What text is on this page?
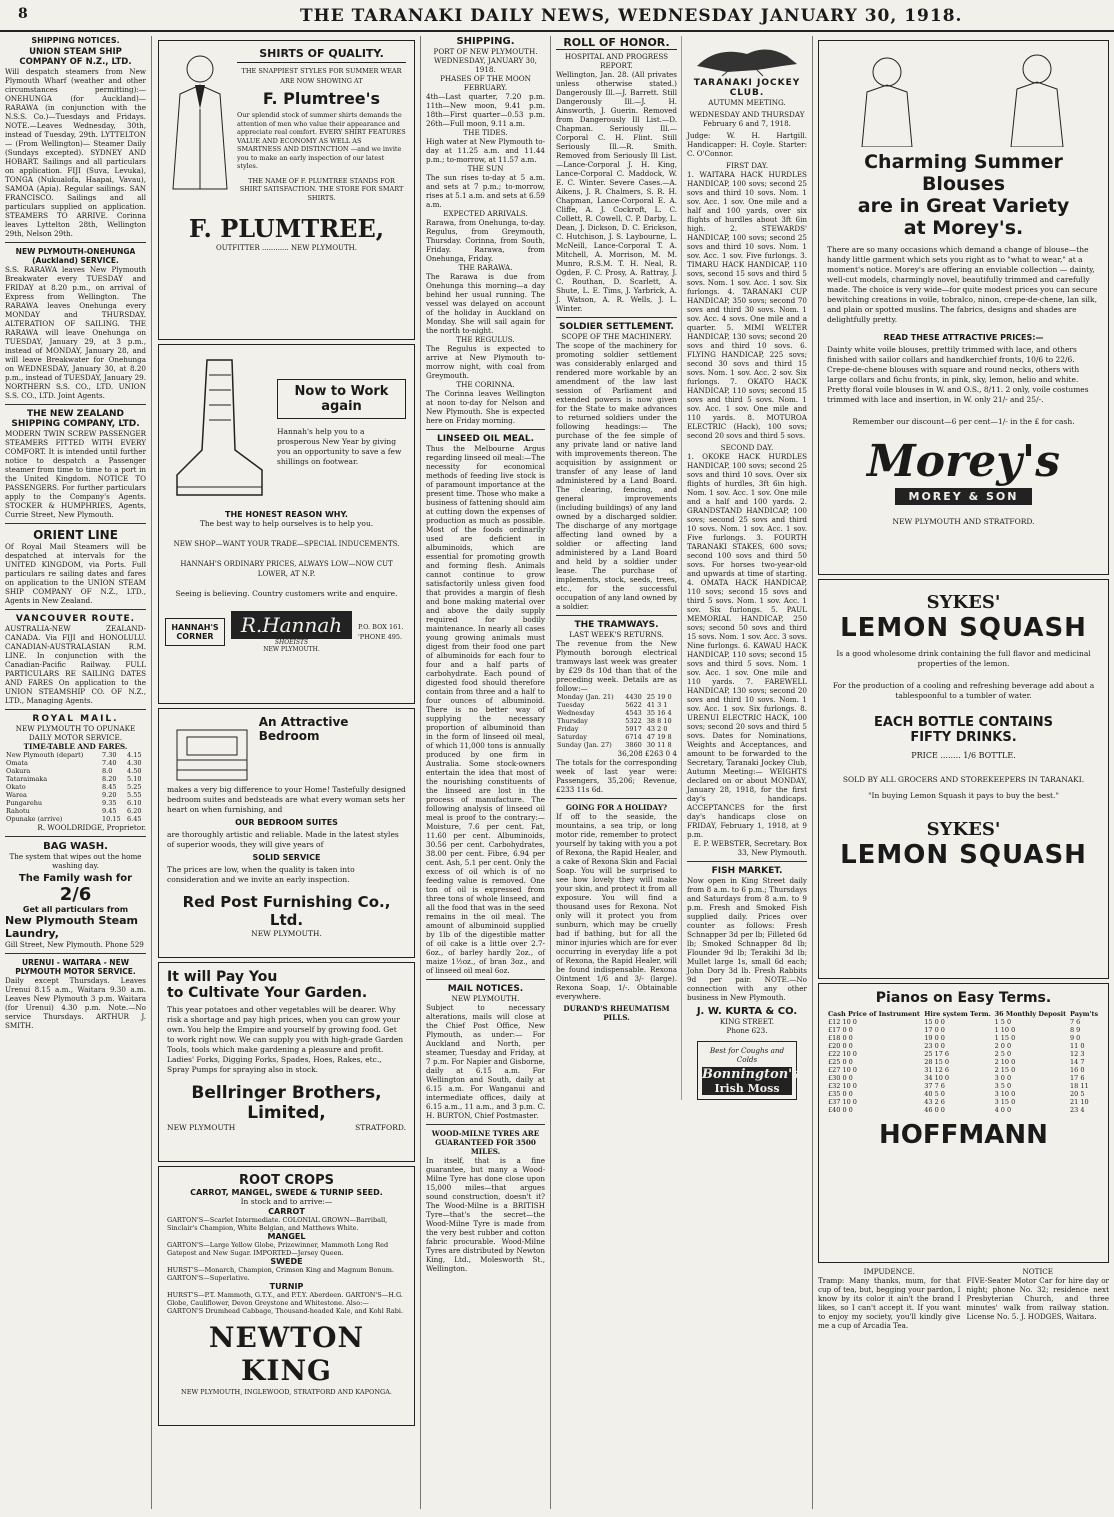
8	THE TARANAKI DAILY NEWS, WEDNESDAY JANUARY 30, 1918.
SHIPPING NOTICES.
UNION STEAM SHIP COMPANY OF N.Z., LTD.
Will despatch steamers from New Plymouth Wharf (weather and other circumstances permitting):— ONEHUNGA (for Auckland)— RARAWA (in conjunction with the N.S.S. Co.)—Tuesdays and Fridays. NOTE.—Leaves Wednesday, 30th, instead of Tuesday, 29th. LYTTELTON— (From Wellington)— Steamer Daily (Sundays excepted). SYDNEY AND HOBART. Sailings and all particulars on application. FIJI (Suva, Levuka), TONGA (Nukualofa, Haapai, Vavau), SAMOA (Apia). Regular sailings. SAN FRANCISCO. Sailings and all particulars supplied on application. STEAMERS TO ARRIVE. Corinna leaves Lyttelton 28th, Wellington 29th, Nelson 29th.
NEW PLYMOUTH-ONEHUNGA (Auckland) SERVICE.
S.S. RARAWA leaves New Plymouth Breakwater every TUESDAY and FRIDAY at 8.20 p.m., on arrival of Express from Wellington. The RARAWA leaves Onehunga every MONDAY and THURSDAY. ALTERATION OF SAILING. THE RARAWA will leave Onehunga on TUESDAY, January 29, at 3 p.m., instead of MONDAY, January 28, and will leave Breakwater for Onehunga on WEDNESDAY, January 30, at 8.20 p.m., instead of TUESDAY, January 29. NORTHERN S.S. CO., LTD. UNION S.S. CO., LTD. Joint Agents.
THE NEW ZEALAND SHIPPING COMPANY, LTD.
MODERN TWIN SCREW PASSENGER STEAMERS FITTED WITH EVERY COMFORT. It is intended until further notice to despatch a Passenger steamer from time to time to a port in the United Kingdom. NOTICE TO PASSENGERS. For further particulars apply to the Company's Agents. STOCKER & HUMPHRIES, Agents, Currie Street, New Plymouth.
ORIENT LINE
Of Royal Mail Steamers will be despatched at intervals for the UNITED KINGDOM, via Ports. Full particulars re sailing dates and fares on application to the UNION STEAM SHIP COMPANY OF N.Z., LTD., Agents in New Zealand.
VANCOUVER ROUTE.
AUSTRALIA-NEW ZEALAND-CANADA. Via FIJI and HONOLULU. CANADIAN-AUSTRALASIAN R.M. LINE. In conjunction with the Canadian-Pacific Railway. FULL PARTICULARS RE SAILING DATES AND FARES On application to the UNION STEAMSHIP CO. OF N.Z., LTD., Managing Agents.
ROYAL MAIL.
NEW PLYMOUTH TO OPUNAKE DAILY MOTOR SERVICE.
TIME-TABLE AND FARES.
New Plymouth (depart)	7.30	4.15
Omata	7.40	4.30
Oakura	8.0	4.50
Tataraimaka	8.20	5.10
Okato	8.45	5.25
Warea	9.20	5.55
Pungarehu	9.35	6.10
Rahotu	9.45	6.20
Opunake (arrive)	10.15	6.45
R. WOOLDRIDGE, Proprietor.
BAG WASH.
The system that wipes out the home washing day.
The Family wash for
2/6
Get all particulars from
New Plymouth Steam Laundry,
Gill Street, New Plymouth. Phone 529
URENUI - WAITARA - NEW PLYMOUTH MOTOR SERVICE.
Daily except Thursdays. Leaves Urenui 8.15 a.m., Waitara 9.30 a.m. Leaves New Plymouth 3 p.m. Waitara (for Urenui) 4.30 p.m. Note.—No service Thursdays. ARTHUR J. SMITH.
SHIRTS OF QUALITY.
THE SNAPPIEST STYLES FOR SUMMER WEAR ARE NOW SHOWING AT
F. Plumtree's
Our splendid stock of summer shirts demands the attention of men who value their appearance and appreciate real comfort. EVERY SHIRT FEATURES VALUE AND ECONOMY AS WELL AS SMARTNESS AND DISTINCTION —and we invite you to make an early inspection of our latest styles.
THE NAME OF F. PLUMTREE STANDS FOR SHIRT SATISFACTION. THE STORE FOR SMART SHIRTS.
F. PLUMTREE,
OUTFITTER ............ NEW PLYMOUTH.
Now to Work again
Hannah's help you to a prosperous New Year by giving you an opportunity to save a few shillings on footwear.
THE HONEST REASON WHY.
The best way to help ourselves is to help you.
NEW SHOP—WANT YOUR TRADE—SPECIAL INDUCEMENTS.
HANNAH'S ORDINARY PRICES, ALWAYS LOW—NOW CUT LOWER, AT N.P.
Seeing is believing. Country customers write and enquire.
HANNAH'S CORNER	R.Hannah
SHOEISTS
NEW PLYMOUTH.
P.O. BOX 161. 'PHONE 495.
An Attractive Bedroom
makes a very big difference to your Home! Tastefully designed bedroom suites and bedsteads are what every woman sets her heart on when furnishing, and
OUR BEDROOM SUITES
are thoroughly artistic and reliable. Made in the latest styles of superior woods, they will give years of
SOLID SERVICE
The prices are low, when the quality is taken into consideration and we invite an early inspection.
Red Post Furnishing Co., Ltd.
NEW PLYMOUTH.
It will Pay You
to Cultivate Your Garden.
This year potatoes and other vegetables will be dearer. Why risk a shortage and pay high prices, when you can grow your own. You help the Empire and yourself by growing food. Get to work right now. We can supply you with high-grade Garden Tools, tools which make gardening a pleasure and profit. Ladies' Forks, Digging Forks, Spades, Hoes, Rakes, etc., Spray Pumps for spraying also in stock.
Bellringer Brothers, Limited,
NEW PLYMOUTH	STRATFORD.
ROOT CROPS
CARROT, MANGEL, SWEDE & TURNIP SEED.
In stock and to arrive:—
CARROT
GARTON'S—Scarlet Intermediate. COLONIAL GROWN—Barriball, Sinclair's Champion, White Belgian, and Matthews White.
MANGEL
GARTON'S—Large Yellow Globe, Prizewinner, Mammoth Long Red Gatepost and New Sugar. IMPORTED—Jersey Queen.
SWEDE
HURST'S—Monarch, Champion, Crimson King and Magnum Bonum. GARTON'S—Superlative.
TURNIP
HURST'S—P.T. Mammoth, G.T.Y., and P.T.Y. Aberdeen. GARTON'S—H.G. Globe, Cauliflower, Devon Greystone and Whitestone. Also:— GARTON'S Drumhead Cabbage, Thousand-headed Kale, and Kohl Rabi.
NEWTON KING
NEW PLYMOUTH, INGLEWOOD, STRATFORD AND KAPONGA.
SHIPPING.
PORT OF NEW PLYMOUTH.
WEDNESDAY, JANUARY 30, 1918.
PHASES OF THE MOON
FEBRUARY.
4th—Last quarter, 7.20 p.m. 11th—New moon, 9.41 p.m. 18th—First quarter—0.53 p.m. 26th—Full moon, 9.11 a.m.
THE TIDES.
High water at New Plymouth to-day at 11.25 a.m. and 11.44 p.m.; to-morrow, at 11.57 a.m.
THE SUN
The sun rises to-day at 5 a.m. and sets at 7 p.m.; to-morrow, rises at 5.1 a.m. and sets at 6.59 a.m.
EXPECTED ARRIVALS.
Rarawa, from Onehunga, to-day. Regulus, from Greymouth, Thursday. Corinna, from South, Friday. Rarawa, from Onehunga, Friday.
THE RARAWA.
The Rarawa is due from Onehunga this morning—a day behind her usual running. The vessel was delayed on account of the holiday in Auckland on Monday. She will sail again for the north to-night.
THE REGULUS.
The Regulus is expected to arrive at New Plymouth to-morrow night, with coal from Greymouth.
THE CORINNA.
The Corinna leaves Wellington at noon to-day for Nelson and New Plymouth. She is expected here on Friday morning.
LINSEED OIL MEAL.
Thus the Melbourne Argus regarding linseed oil meal:—The necessity for economical methods of feeding live stock is of paramount importance at the present time. Those who make a business of fattening should aim at cutting down the expenses of production as much as possible. Most of the foods ordinarily used are deficient in albuminoids, which are essential for promoting growth and forming flesh. Animals cannot continue to grow satisfactorily unless given food that provides a margin of flesh and bone making material over and above the daily supply required for bodily maintenance. In nearly all cases young growing animals must digest from their food one part of albuminoids for each four to four and a half parts of carbohydrate. Each pound of digested food should therefore contain from three and a half to four ounces of albuminoid. There is no better way of supplying the necessary proportion of albuminoid than in the form of linseed oil meal, of which 11,000 tons is annually produced by one firm in Australia. Some stock-owners entertain the idea that most of the nourishing constituents of the linseed are lost in the process of manufacture. The following analysis of linseed oil meal is proof to the contrary:— Moisture, 7.6 per cent. Fat, 11.60 per cent. Albuminoids, 30.56 per cent. Carbohydrates, 38.00 per cent. Fibre, 6.94 per cent. Ash, 5.1 per cent. Only the excess of oil which is of no feeding value is removed. One ton of oil is expressed from three tons of whole linseed, and all the food that was in the seed remains in the oil meal. The amount of albuminoid supplied by 1lb of the digestible matter of oil cake is a little over 2.7-6oz., of barley hardly 2oz., of maize 1½oz., of bran 3oz., and of linseed oil meal 6oz.
MAIL NOTICES.
NEW PLYMOUTH.
Subject to necessary alterations, mails will close at the Chief Post Office, New Plymouth, as under:— For Auckland and North, per steamer, Tuesday and Friday, at 7 p.m. For Napier and Gisborne, daily at 6.15 a.m. For Wellington and South, daily at 6.15 a.m. For Wanganui and intermediate offices, daily at 6.15 a.m., 11 a.m., and 3 p.m. C. H. BURTON, Chief Postmaster.
WOOD-MILNE TYRES ARE GUARANTEED FOR 3500 MILES.
In itself, that is a fine guarantee, but many a Wood-Milne Tyre has done close upon 15,000 miles—that argues sound construction, doesn't it? The Wood-Milne is a BRITISH Tyre—that's the secret—the Wood-Milne Tyre is made from the very best rubber and cotton fabric procurable. Wood-Milne Tyres are distributed by Newton King, Ltd., Molesworth St., Wellington.
ROLL OF HONOR.
HOSPITAL AND PROGRESS REPORT.
Wellington, Jan. 28. (All privates unless otherwise stated.) Dangerously Ill.—J. Barrett. Still Dangerously Ill.—J. H. Ainsworth, J. Guerin. Removed from Dangerously Ill List.—D. Chapman. Seriously Ill.—Corporal C. H. Flint. Still Seriously Ill.—R. Smith. Removed from Seriously Ill List.—Lance-Corporal J. H. King, Lance-Corporal C. Maddock, W. E. C. Winter. Severe Cases.—A. Aikens, J. R. Chalmers, S. R. H. Chapman, Lance-Corporal E. A. Cliffe, A. J. Cockroft, L. C. Collett, R. Cowell, C. P. Darby, L. Dean, J. Dickson, D. C. Erickson, C. Hutchison, J. S. Laybourne, L. McNeill, Lance-Corporal T. A. Mitchell, A. Morrison, M. M. Munro, R.S.M. T. H. Neal, R. Ogden, F. C. Prosy, A. Rattray, J. C. Routhan, D. Scarlett, A. Shute, L. E. Tims, J. Yarbrick, A. J. Watson, A. R. Wells, J. L. Winter.
SOLDIER SETTLEMENT.
SCOPE OF THE MACHINERY.
The scope of the machinery for promoting soldier settlement was considerably enlarged and rendered more workable by an amendment of the law last session of Parliament and extended powers is now given for the State to make advances to returned soldiers under the following headings:— The purchase of the fee simple of any private land or native land with improvements thereon. The acquisition by assignment or transfer of any lease of land administered by a Land Board. The clearing, fencing, and general improvements (including buildings) of any land owned by a discharged soldier. The discharge of any mortgage affecting land owned by a soldier or affecting land administered by a Land Board and held by a soldier under lease. The purchase of implements, stock, seeds, trees, etc., for the successful occupation of any land owned by a soldier.
THE TRAMWAYS.
LAST WEEK'S RETURNS.
The revenue from the New Plymouth borough electrical tramways last week was greater by £29 8s 10d than that of the preceding week. Details are as follow:—
Monday (Jan. 21)	4430	25 19 0
Tuesday	5622	41 3 1
Wednesday	4543	35 16 4
Thursday	5322	38 8 10
Friday	5917	43 2 0
Saturday	6714	47 19 8
Sunday (Jan. 27)	3860	30 11 8
36,208 £263 0 4
The totals for the corresponding week of last year were: Passengers, 35,206; Revenue, £233 11s 6d.
GOING FOR A HOLIDAY?
If off to the seaside, the mountains, a sea trip, or long motor ride, remember to protect yourself by taking with you a pot of Rexona, the Rapid Healer, and a cake of Rexona Skin and Facial Soap. You will be surprised to see how lovely they will make your skin, and protect it from all exposure. You will find a thousand uses for Rexona. Not only will it protect you from sunburn, which may be cruelly bad if bathing, but for all the minor injuries which are for ever occurring in everyday life a pot of Rexona, the Rapid Healer, will be found indispensable. Rexona Ointment 1/6 and 3/- (large). Rexona Soap, 1/-. Obtainable everywhere.
DURAND'S RHEUMATISM PILLS.
TARANAKI JOCKEY CLUB.
AUTUMN MEETING.
WEDNESDAY AND THURSDAY February 6 and 7, 1918.
Judge: W. H. Hartgill. Handicapper: H. Coyle. Starter: C. O'Connor.
FIRST DAY.
1. WAITARA HACK HURDLES HANDICAP, 100 sovs; second 25 sovs and third 10 sovs. Nom. 1 sov. Acc. 1 sov. One mile and a half and 100 yards, over six flights of hurdles about 3ft 6in high. 2. STEWARDS' HANDICAP, 100 sovs; second 25 sovs and third 10 sovs. Nom. 1 sov. Acc. 1 sov. Five furlongs. 3. TIMARU HACK HANDICAP, 110 sovs, second 15 sovs and third 5 sovs. Nom. 1 sov. Acc. 1 sov. Six furlongs. 4. TARANAKI CUP HANDICAP, 350 sovs; second 70 sovs and third 30 sovs. Nom. 1 sov. Acc. 4 sovs. One mile and a quarter. 5. MIMI WELTER HANDICAP, 130 sovs; second 20 sovs and third 10 sovs. 6. FLYING HANDICAP, 225 sovs; second 30 sovs and third 15 sovs. Nom. 1 sov. Acc. 2 sov. Six furlongs. 7. OKATO HACK HANDICAP, 110 sovs; second 15 sovs and third 5 sovs. Nom. 1 sov. Acc. 1 sov. One mile and 110 yards. 8. MOTUROA ELECTRIC (Hack), 100 sovs; second 20 sovs and third 5 sovs.
SECOND DAY.
1. OKOKE HACK HURDLES HANDICAP, 100 sovs; second 25 sovs and third 10 sovs. Over six flights of hurdles, 3ft 6in high. Nom. 1 sov. Acc. 1 sov. One mile and a half and 100 yards. 2. GRANDSTAND HANDICAP, 100 sovs; second 25 sovs and third 10 sovs. Nom. 1 sov. Acc. 1 sov. Five furlongs. 3. FOURTH TARANAKI STAKES, 600 sovs; second 100 sovs and third 50 sovs. For horses two-year-old and upwards at time of starting. 4. OMATA HACK HANDICAP, 110 sovs; second 15 sovs and third 5 sovs. Nom. 1 sov. Acc. 1 sov. Six furlongs. 5. PAUL MEMORIAL HANDICAP, 250 sovs; second 50 sovs and third 15 sovs. Nom. 1 sov. Acc. 3 sovs. Nine furlongs. 6. KAWAU HACK HANDICAP, 110 sovs; second 15 sovs and third 5 sovs. Nom. 1 sov. Acc. 1 sov. One mile and 110 yards. 7. FAREWELL HANDICAP, 130 sovs; second 20 sovs and third 10 sovs. Nom. 1 sov. Acc. 1 sov. Six furlongs. 8. URENUI ELECTRIC HACK, 100 sovs; second 20 sovs and third 5 sovs. Dates for Nominations, Weights and Acceptances, and amount to be forwarded to the Secretary, Taranaki Jockey Club, Autumn Meeting:— WEIGHTS declared on or about MONDAY, January 28, 1918, for the first day's handicaps. ACCEPTANCES for the first day's handicaps close on FRIDAY, February 1, 1918, at 9 p.m.
E. P. WEBSTER, Secretary. Box 33, New Plymouth.
FISH MARKET.
Now open in King Street daily from 8 a.m. to 6 p.m.; Thursdays and Saturdays from 8 a.m. to 9 p.m. Fresh and Smoked Fish supplied daily. Prices over counter as follows: Fresh Schnapper 3d per lb; Filleted 6d lb; Smoked Schnapper 8d lb; Flounder 9d lb; Terakihi 3d lb; Mullet large 1s, small 6d each; John Dory 3d lb. Fresh Rabbits 9d per pair. NOTE.—No connection with any other business in New Plymouth.
J. W. KURTA & CO.
KING STREET.
Phone 623.
Best for Coughs and Colds
Bonnington's
Irish Moss
Charming Summer Blouses
are in Great Variety
at Morey's.
There are so many occasions which demand a change of blouse—the handy little garment which sets you right as to "what to wear," at a moment's notice. Morey's are offering an enviable collection — dainty, well-cut models, charmingly novel, beautifully trimmed and carefully made. The choice is very wide—for quite modest prices you can secure bewitching creations in voile, tobralco, ninon, crepe-de-chene, lan silk, and plain or spotted muslins. The fabrics, designs and shades are delightfully pretty.
READ THESE ATTRACTIVE PRICES:—
Dainty white voile blouses, prettily trimmed with lace, and others finished with sailor collars and handkerchief fronts, 10/6 to 22/6. Crepe-de-chene blouses with square and round necks, others with large collars and fichu fronts, in pink, sky, lemon, helio and white. Pretty floral voile blouses in W. and O.S., 8/11. 2 only, voile costumes trimmed with lace and insertion, in W. only 21/- and 25/-.
Remember our discount—6 per cent—1/- in the £ for cash.
Morey's
MOREY & SON
NEW PLYMOUTH AND STRATFORD.
SYKES'
LEMON SQUASH
Is a good wholesome drink containing the full flavor and medicinal properties of the lemon.
For the production of a cooling and refreshing beverage add about a tablespoonful to a tumbler of water.
EACH BOTTLE CONTAINS
FIFTY DRINKS.
PRICE ........ 1/6 BOTTLE.
SOLD BY ALL GROCERS AND STOREKEEPERS IN TARANAKI.
"In buying Lemon Squash it pays to buy the best."
SYKES'
LEMON SQUASH
Pianos on Easy Terms.
Cash Price of Instrument	Hire system Term.	36 Monthly Deposit	Paym'ts
£12 10 0	15 0 0	1 5 0	7 6
£17 0 0	17 0 0	1 10 0	8 9
£18 0 0	19 0 0	1 15 0	9 0
£20 0 0	23 0 0	2 0 0	11 0
£22 10 0	25 17 6	2 5 0	12 3
£25 0 0	28 15 0	2 10 0	14 7
£27 10 0	31 12 6	2 15 0	16 0
£30 0 0	34 10 0	3 0 0	17 6
£32 10 0	37 7 6	3 5 0	18 11
£35 0 0	40 5 0	3 10 0	20 5
£37 10 0	43 2 6	3 15 0	21 10
£40 0 0	46 0 0	4 0 0	23 4
HOFFMANN
IMPUDENCE.
Tramp: Many thanks, mum, for that cup of tea, but, begging your pardon, I know by its color it ain't the brand I likes, so I can't accept it. If you want to enjoy my society, you'll kindly give me a cup of Arcadia Tea.
NOTICE
FIVE-Seater Motor Car for hire day or night; phone No. 32; residence next Presbyterian Church, and three minutes' walk from railway station. License No. 5. J. HODGES, Waitara.
